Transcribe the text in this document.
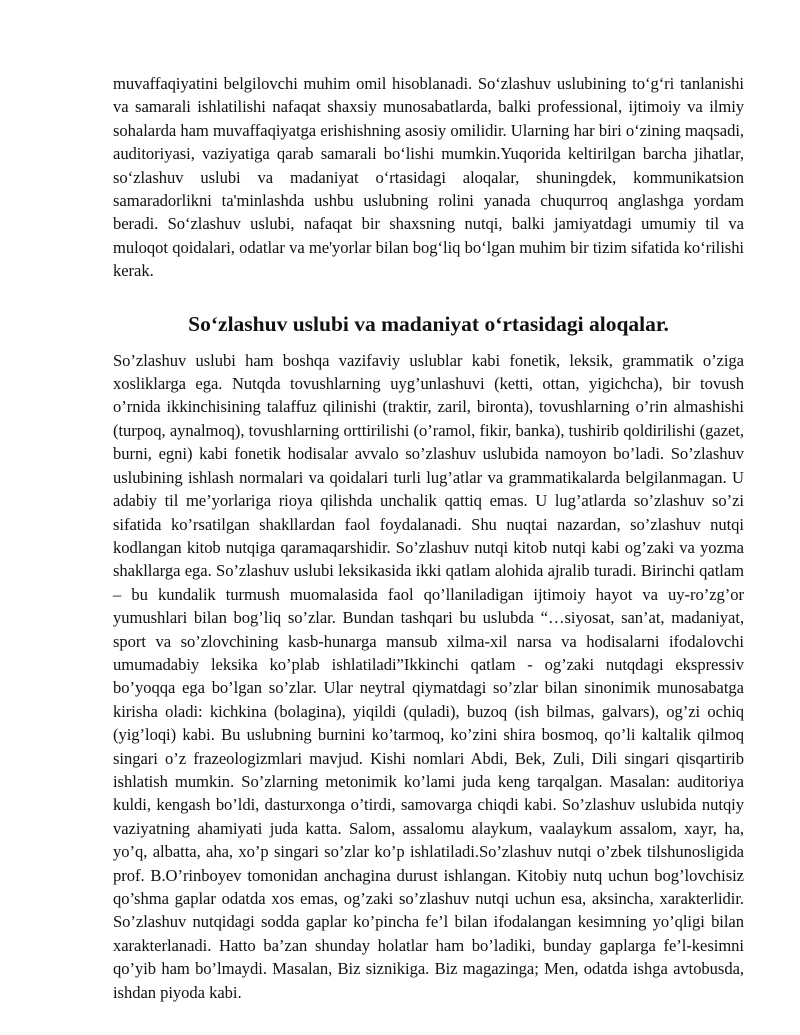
muvaffaqiyatini belgilovchi muhim omil hisoblanadi. So‘zlashuv uslubining to‘g‘ri tanlanishi va samarali ishlatilishi nafaqat shaxsiy munosabatlarda, balki professional, ijtimoiy va ilmiy sohalarda ham muvaffaqiyatga erishishning asosiy omilidir. Ularning har biri o‘zining maqsadi, auditoriyasi, vaziyatiga qarab samarali bo‘lishi mumkin.Yuqorida keltirilgan barcha jihatlar, so‘zlashuv uslubi va madaniyat o‘rtasidagi aloqalar, shuningdek, kommunikatsion samaradorlikni ta'minlashda ushbu uslubning rolini yanada chuqurroq anglashga yordam beradi. So‘zlashuv uslubi, nafaqat bir shaxsning nutqi, balki jamiyatdagi umumiy til va muloqot qoidalari, odatlar va me'yorlar bilan bog‘liq bo‘lgan muhim bir tizim sifatida ko‘rilishi kerak.

So‘zlashuv uslubi va madaniyat o‘rtasidagi aloqalar.

So’zlashuv uslubi ham boshqa vazifaviy uslublar kabi fonetik, leksik, grammatik o’ziga xosliklarga ega. Nutqda tovushlarning uyg’unlashuvi (ketti, ottan, yigichcha), bir tovush o’rnida ikkinchisining talaffuz qilinishi (traktir, zaril, bironta), tovushlarning o’rin almashishi (turpoq, aynalmoq), tovushlarning orttirilishi (o’ramol, fikir, banka), tushirib qoldirilishi (gazet, burni, egni) kabi fonetik hodisalar avvalo so’zlashuv uslubida namoyon bo’ladi. So’zlashuv uslubining ishlash normalari va qoidalari turli lug’atlar va grammatikalarda belgilanmagan. U adabiy til me’yorlariga rioya qilishda unchalik qattiq emas. U lug’atlarda so’zlashuv so’zi sifatida ko’rsatilgan shakllardan faol foydalanadi. Shu nuqtai nazardan, so’zlashuv nutqi kodlangan kitob nutqiga qaramaqarshidir. So’zlashuv nutqi kitob nutqi kabi og’zaki va yozma shakllarga ega. So’zlashuv uslubi leksikasida ikki qatlam alohida ajralib turadi. Birinchi qatlam – bu kundalik turmush muomalasida faol qo’llaniladigan ijtimoiy hayot va uy-ro’zg’or yumushlari bilan bog’liq so’zlar. Bundan tashqari bu uslubda “…siyosat, san’at, madaniyat, sport va so’zlovchining kasb-hunarga mansub xilma-xil narsa va hodisalarni ifodalovchi umumadabiy leksika ko’plab ishlatiladi”Ikkinchi qatlam - og’zaki nutqdagi ekspressiv bo’yoqqa ega bo’lgan so’zlar. Ular neytral qiymatdagi so’zlar bilan sinonimik munosabatga kirisha oladi: kichkina (bolagina), yiqildi (quladi), buzoq (ish bilmas, galvars), og’zi ochiq (yig’loqi) kabi. Bu uslubning burnini ko’tarmoq, ko’zini shira bosmoq, qo’li kaltalik qilmoq singari o’z frazeologizmlari mavjud. Kishi nomlari Abdi, Bek, Zuli, Dili singari qisqartirib ishlatish mumkin. So’zlarning metonimik ko’lami juda keng tarqalgan. Masalan: auditoriya kuldi, kengash bo’ldi, dasturxonga o’tirdi, samovarga chiqdi kabi. So’zlashuv uslubida nutqiy vaziyatning ahamiyati juda katta. Salom, assalomu alaykum, vaalaykum assalom, xayr, ha, yo’q, albatta, aha, xo’p singari so’zlar ko’p ishlatiladi.So’zlashuv nutqi o’zbek tilshunosligida prof. B.O’rinboyev tomonidan anchagina durust ishlangan. Kitobiy nutq uchun bog’lovchisiz qo’shma gaplar odatda xos emas, og’zaki so’zlashuv nutqi uchun esa, aksincha, xarakterlidir. So’zlashuv nutqidagi sodda gaplar ko’pincha fe’l bilan ifodalangan kesimning yo’qligi bilan xarakterlanadi. Hatto ba’zan shunday holatlar ham bo’ladiki, bunday gaplarga fe’l-kesimni qo’yib ham bo’lmaydi. Masalan, Biz siznikiga. Biz magazinga; Men, odatda ishga avtobusda, ishdan piyoda kabi.
